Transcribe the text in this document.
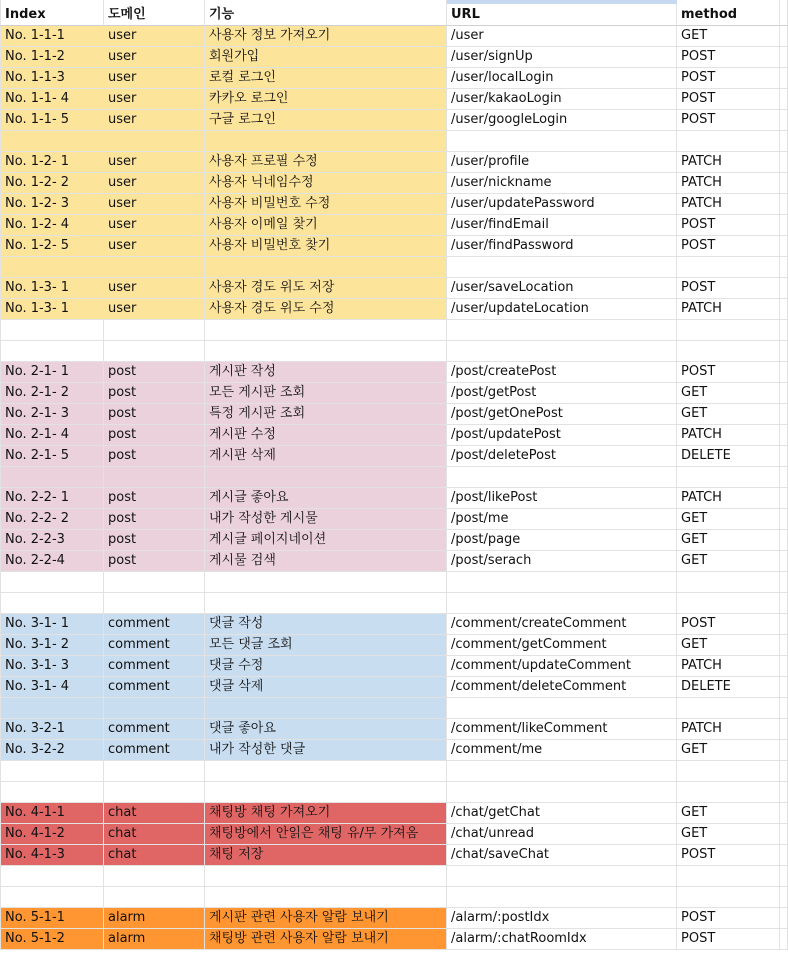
Index	도메인	기능	URL	method
No. 1-1-1	user	사용자 정보 가져오기	/user	GET
No. 1-1-2	user	회원가입	/user/signUp	POST
No. 1-1-3	user	로컬 로그인	/user/localLogin	POST
No. 1-1- 4	user	카카오 로그인	/user/kakaoLogin	POST
No. 1-1- 5	user	구글 로그인	/user/googleLogin	POST
No. 1-2- 1	user	사용자 프로필 수정	/user/profile	PATCH
No. 1-2- 2	user	사용자 닉네임수정	/user/nickname	PATCH
No. 1-2- 3	user	사용자 비밀번호 수정	/user/updatePassword	PATCH
No. 1-2- 4	user	사용자 이메일 찾기	/user/findEmail	POST
No. 1-2- 5	user	사용자 비밀번호 찾기	/user/findPassword	POST
No. 1-3- 1	user	사용자 경도 위도 저장	/user/saveLocation	POST
No. 1-3- 1	user	사용자 경도 위도 수정	/user/updateLocation	PATCH
No. 2-1- 1	post	게시판 작성	/post/createPost	POST
No. 2-1- 2	post	모든 게시판 조회	/post/getPost	GET
No. 2-1- 3	post	특정 게시판 조회	/post/getOnePost	GET
No. 2-1- 4	post	게시판 수정	/post/updatePost	PATCH
No. 2-1- 5	post	게시판 삭제	/post/deletePost	DELETE
No. 2-2- 1	post	게시글 좋아요	/post/likePost	PATCH
No. 2-2- 2	post	내가 작성한 게시물	/post/me	GET
No. 2-2-3	post	게시글 페이지네이션	/post/page	GET
No. 2-2-4	post	게시물 검색	/post/serach	GET
No. 3-1- 1	comment	댓글 작성	/comment/createComment	POST
No. 3-1- 2	comment	모든 댓글 조회	/comment/getComment	GET
No. 3-1- 3	comment	댓글 수정	/comment/updateComment	PATCH
No. 3-1- 4	comment	댓글 삭제	/comment/deleteComment	DELETE
No. 3-2-1	comment	댓글 좋아요	/comment/likeComment	PATCH
No. 3-2-2	comment	내가 작성한 댓글	/comment/me	GET
No. 4-1-1	chat	채팅방 채팅 가져오기	/chat/getChat	GET
No. 4-1-2	chat	채팅방에서 안읽은 채팅 유/무 가져옴	/chat/unread	GET
No. 4-1-3	chat	채팅 저장	/chat/saveChat	POST
No. 5-1-1	alarm	게시판 관련 사용자 알람 보내기	/alarm/:postIdx	POST
No. 5-1-2	alarm	채팅방 관련 사용자 알람 보내기	/alarm/:chatRoomIdx	POST
